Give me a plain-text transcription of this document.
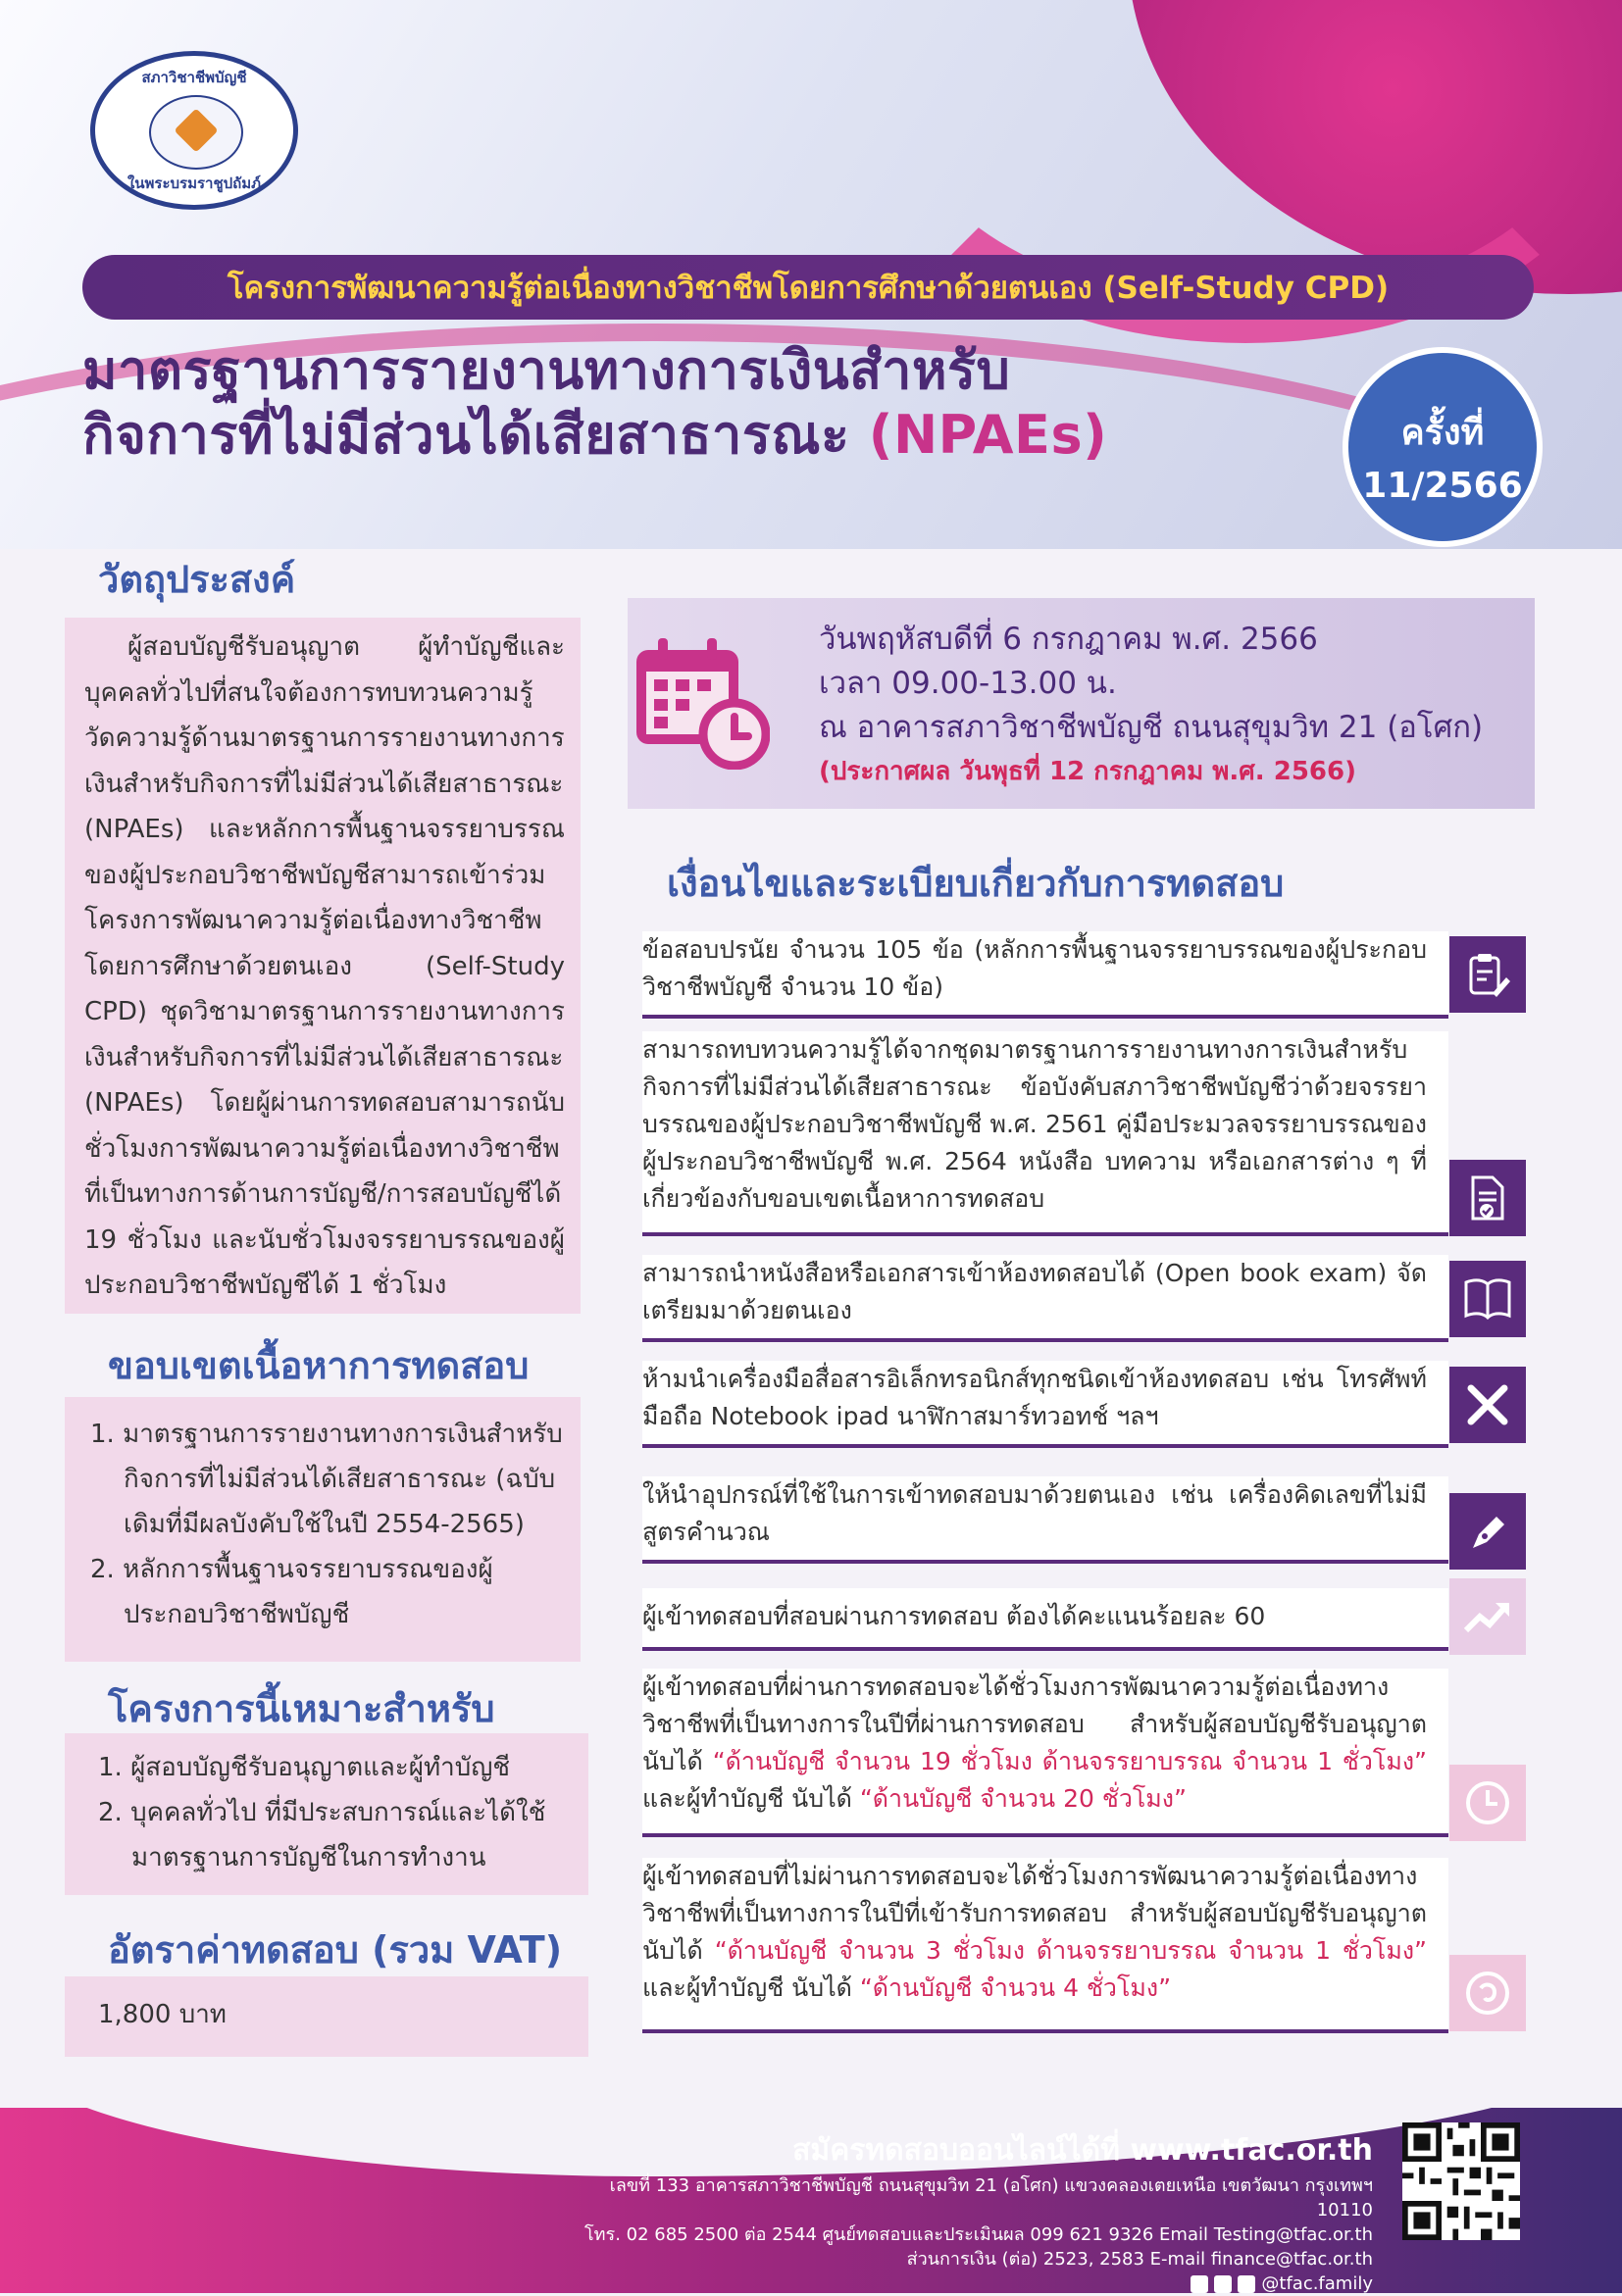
สภาวิชาชีพบัญชี
ในพระบรมราชูปถัมภ์
โครงการพัฒนาความรู้ต่อเนื่องทางวิชาชีพโดยการศึกษาด้วยตนเอง (Self-Study CPD)
มาตรฐานการรายงานทางการเงินสำหรับ
กิจการที่ไม่มีส่วนได้เสียสาธารณะ (NPAEs)	ครั้งที่
11/2566
วัตถุประสงค์
ผู้สอบบัญชีรับอนุญาต ผู้ทำบัญชีและบุคคลทั่วไปที่สนใจต้องการทบทวนความรู้ วัดความรู้ด้านมาตรฐานการรายงานทางการเงินสำหรับกิจการที่ไม่มีส่วนได้เสียสาธารณะ (NPAEs) และหลักการพื้นฐานจรรยาบรรณของผู้ประกอบวิชาชีพบัญชีสามารถเข้าร่วมโครงการพัฒนาความรู้ต่อเนื่องทางวิชาชีพโดยการศึกษาด้วยตนเอง (Self-Study CPD) ชุดวิชามาตรฐานการรายงานทางการเงินสำหรับกิจการที่ไม่มีส่วนได้เสียสาธารณะ (NPAEs) โดยผู้ผ่านการทดสอบสามารถนับชั่วโมงการพัฒนาความรู้ต่อเนื่องทางวิชาชีพที่เป็นทางการด้านการบัญชี/การสอบบัญชีได้ 19 ชั่วโมง และนับชั่วโมงจรรยาบรรณของผู้ประกอบวิชาชีพบัญชีได้ 1 ชั่วโมง
ขอบเขตเนื้อหาการทดสอบ
1. มาตรฐานการรายงานทางการเงินสำหรับกิจการที่ไม่มีส่วนได้เสียสาธารณะ (ฉบับเดิมที่มีผลบังคับใช้ในปี 2554-2565)
2. หลักการพื้นฐานจรรยาบรรณของผู้ประกอบวิชาชีพบัญชี
โครงการนี้เหมาะสำหรับ
1. ผู้สอบบัญชีรับอนุญาตและผู้ทำบัญชี
2. บุคคลทั่วไป ที่มีประสบการณ์และได้ใช้มาตรฐานการบัญชีในการทำงาน
อัตราค่าทดสอบ (รวม VAT)
1,800 บาท
วันพฤหัสบดีที่ 6 กรกฎาคม พ.ศ. 2566
เวลา 09.00-13.00 น.
ณ อาคารสภาวิชาชีพบัญชี ถนนสุขุมวิท 21 (อโศก)
(ประกาศผล วันพุธที่ 12 กรกฎาคม พ.ศ. 2566)
เงื่อนไขและระเบียบเกี่ยวกับการทดสอบ
ข้อสอบปรนัย จำนวน 105 ข้อ (หลักการพื้นฐานจรรยาบรรณของผู้ประกอบวิชาชีพบัญชี จำนวน 10 ข้อ)
สามารถทบทวนความรู้ได้จากชุดมาตรฐานการรายงานทางการเงินสำหรับกิจการที่ไม่มีส่วนได้เสียสาธารณะ ข้อบังคับสภาวิชาชีพบัญชีว่าด้วยจรรยาบรรณของผู้ประกอบวิชาชีพบัญชี พ.ศ. 2561 คู่มือประมวลจรรยาบรรณของผู้ประกอบวิชาชีพบัญชี พ.ศ. 2564 หนังสือ บทความ หรือเอกสารต่าง ๆ ที่เกี่ยวข้องกับขอบเขตเนื้อหาการทดสอบ
สามารถนำหนังสือหรือเอกสารเข้าห้องทดสอบได้ (Open book exam) จัดเตรียมมาด้วยตนเอง
ห้ามนำเครื่องมือสื่อสารอิเล็กทรอนิกส์ทุกชนิดเข้าห้องทดสอบ เช่น โทรศัพท์มือถือ Notebook ipad นาฬิกาสมาร์ทวอทช์ ฯลฯ
ให้นำอุปกรณ์ที่ใช้ในการเข้าทดสอบมาด้วยตนเอง เช่น เครื่องคิดเลขที่ไม่มีสูตรคำนวณ
ผู้เข้าทดสอบที่สอบผ่านการทดสอบ ต้องได้คะแนนร้อยละ 60
ผู้เข้าทดสอบที่ผ่านการทดสอบจะได้ชั่วโมงการพัฒนาความรู้ต่อเนื่องทางวิชาชีพที่เป็นทางการในปีที่ผ่านการทดสอบ สำหรับผู้สอบบัญชีรับอนุญาต นับได้ “ด้านบัญชี จำนวน 19 ชั่วโมง ด้านจรรยาบรรณ จำนวน 1 ชั่วโมง” และผู้ทำบัญชี นับได้ “ด้านบัญชี จำนวน 20 ชั่วโมง”
ผู้เข้าทดสอบที่ไม่ผ่านการทดสอบจะได้ชั่วโมงการพัฒนาความรู้ต่อเนื่องทางวิชาชีพที่เป็นทางการในปีที่เข้ารับการทดสอบ สำหรับผู้สอบบัญชีรับอนุญาต นับได้ “ด้านบัญชี จำนวน 3 ชั่วโมง ด้านจรรยาบรรณ จำนวน 1 ชั่วโมง” และผู้ทำบัญชี นับได้ “ด้านบัญชี จำนวน 4 ชั่วโมง”
สมัครทดสอบออนไลน์ได้ที่ www.tfac.or.th
เลขที่ 133 อาคารสภาวิชาชีพบัญชี ถนนสุขุมวิท 21 (อโศก) แขวงคลองเตยเหนือ เขตวัฒนา กรุงเทพฯ 10110
โทร. 02 685 2500 ต่อ 2544 ศูนย์ทดสอบและประเมินผล 099 621 9326 Email Testing@tfac.or.th
ส่วนการเงิน (ต่อ) 2523, 2583 E-mail finance@tfac.or.th
@tfac.family
